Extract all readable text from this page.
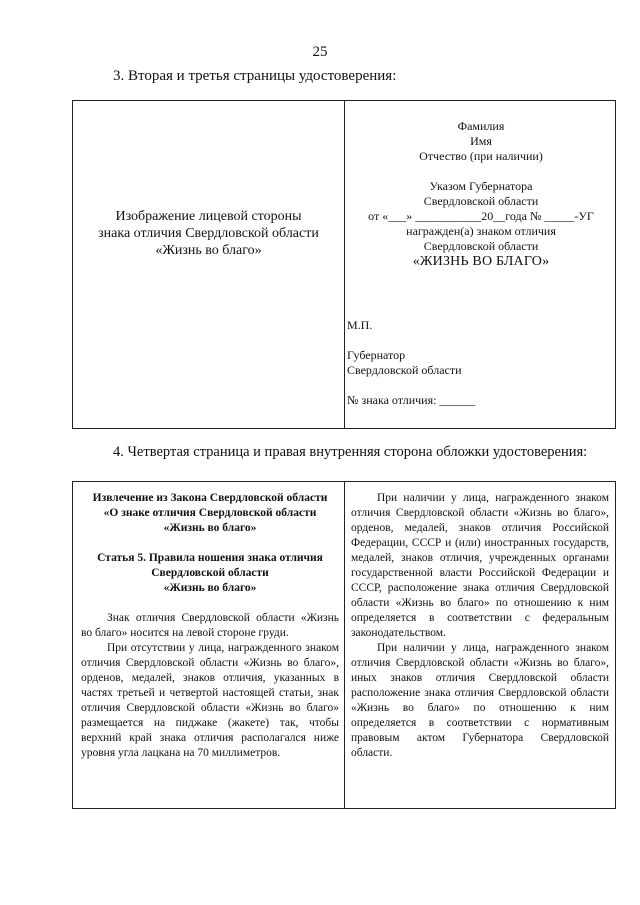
25
3. Вторая и третья страницы удостоверения:
Изображение лицевой стороны
знака отличия Свердловской области
«Жизнь во благо»
Фамилия
Имя
Отчество (при наличии)
Указом Губернатора
Свердловской области
от «___» ___________20__года № _____-УГ
награжден(а) знаком отличия
Свердловской области
«ЖИЗНЬ ВО БЛАГО»
М.П.
Губернатор
Свердловской области
№ знака отличия: ______
4. Четвертая страница и правая внутренняя сторона обложки удостоверения:
Извлечение из Закона Свердловской области
«О знаке отличия Свердловской области
«Жизнь во благо»
Статья 5. Правила ношения знака отличия
Свердловской области
«Жизнь во благо»

Знак отличия Свердловской области «Жизнь во благо» носится на левой стороне груди.

При отсутствии у лица, награжденного знаком отличия Свердловской области «Жизнь во благо», орденов, медалей, знаков отличия, указанных в частях третьей и четвертой настоящей статьи, знак отличия Свердловской области «Жизнь во благо» размещается на пиджаке (жакете) так, чтобы верхний край знака отличия располагался ниже уровня угла лацкана на 70 миллиметров.

При наличии у лица, награжденного знаком отличия Свердловской области «Жизнь во благо», орденов, медалей, знаков отличия Российской Федерации, СССР и (или) иностранных государств, медалей, знаков отличия, учрежденных органами государственной власти Российской Федерации и СССР, расположение знака отличия Свердловской области «Жизнь во благо» по отношению к ним определяется в соответствии с федеральным законодательством.

При наличии у лица, награжденного знаком отличия Свердловской области «Жизнь во благо», иных знаков отличия Свердловской области расположение знака отличия Свердловской области «Жизнь во благо» по отношению к ним определяется в соответствии с нормативным правовым актом Губернатора Свердловской области.
